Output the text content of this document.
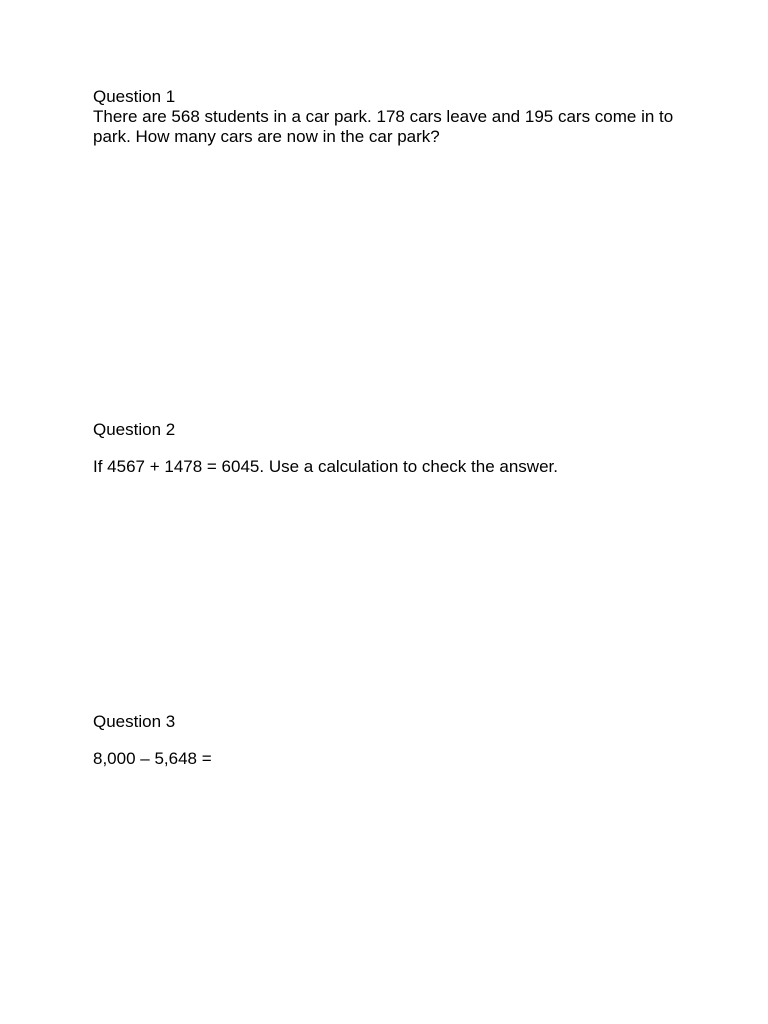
Question 1

There are 568 students in a car park. 178 cars leave and 195 cars come in to park. How many cars are now in the car park?

Question 2

If 4567 + 1478 = 6045. Use a calculation to check the answer.

Question 3

8,000 – 5,648 =
